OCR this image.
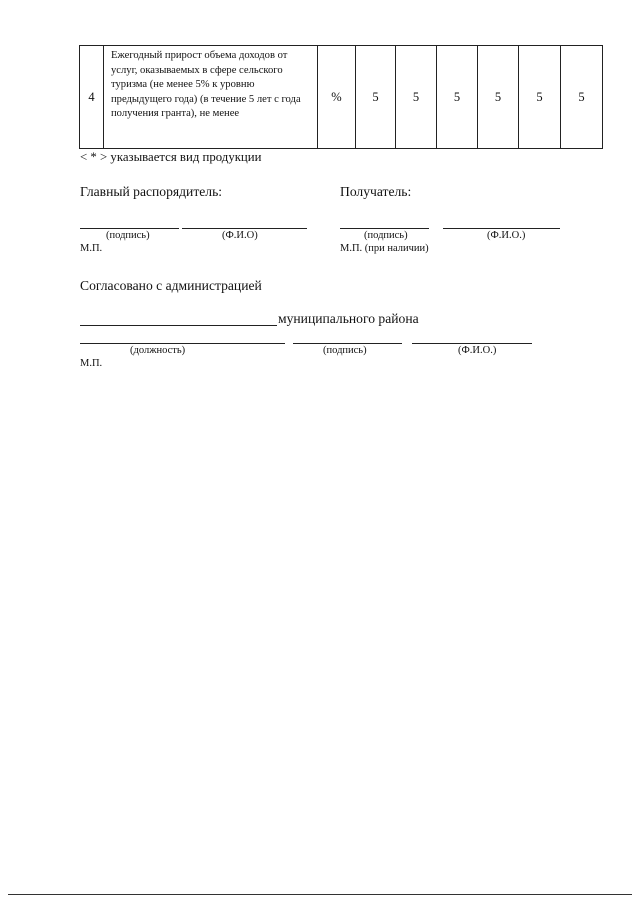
4	Ежегодный прирост объема доходов от услуг, оказываемых в сфере сельского туризма (не менее 5% к уровню предыдущего года) (в течение 5 лет с года получения гранта), не менее	%	5	5	5	5	5	5
< * > указывается вид продукции
Главный распорядитель:
(подпись)	(Ф.И.О)
М.П.
Получатель:
(подпись)	(Ф.И.О.)
М.П. (при наличии)
Согласовано с администрацией
муниципального района
(должность)	(подпись)	(Ф.И.О.)
М.П.
